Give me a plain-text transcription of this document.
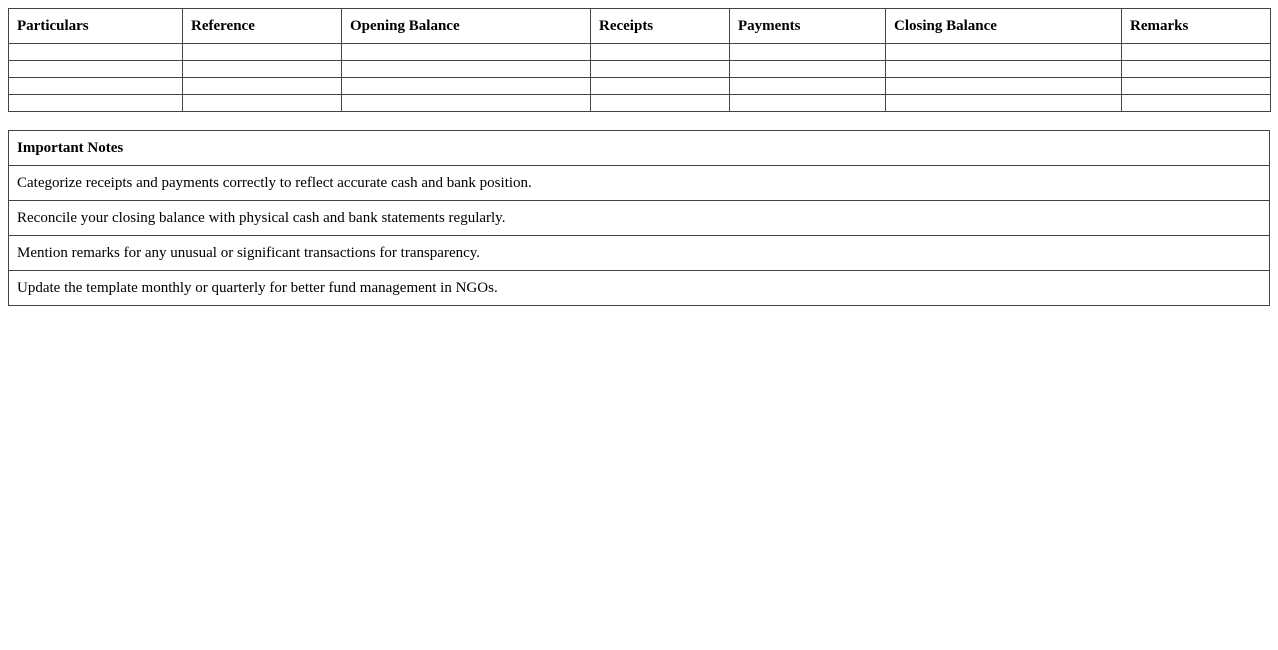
Particulars	Reference	Opening Balance	Receipts	Payments	Closing Balance	Remarks

Important Notes
Categorize receipts and payments correctly to reflect accurate cash and bank position.
Reconcile your closing balance with physical cash and bank statements regularly.
Mention remarks for any unusual or significant transactions for transparency.
Update the template monthly or quarterly for better fund management in NGOs.
